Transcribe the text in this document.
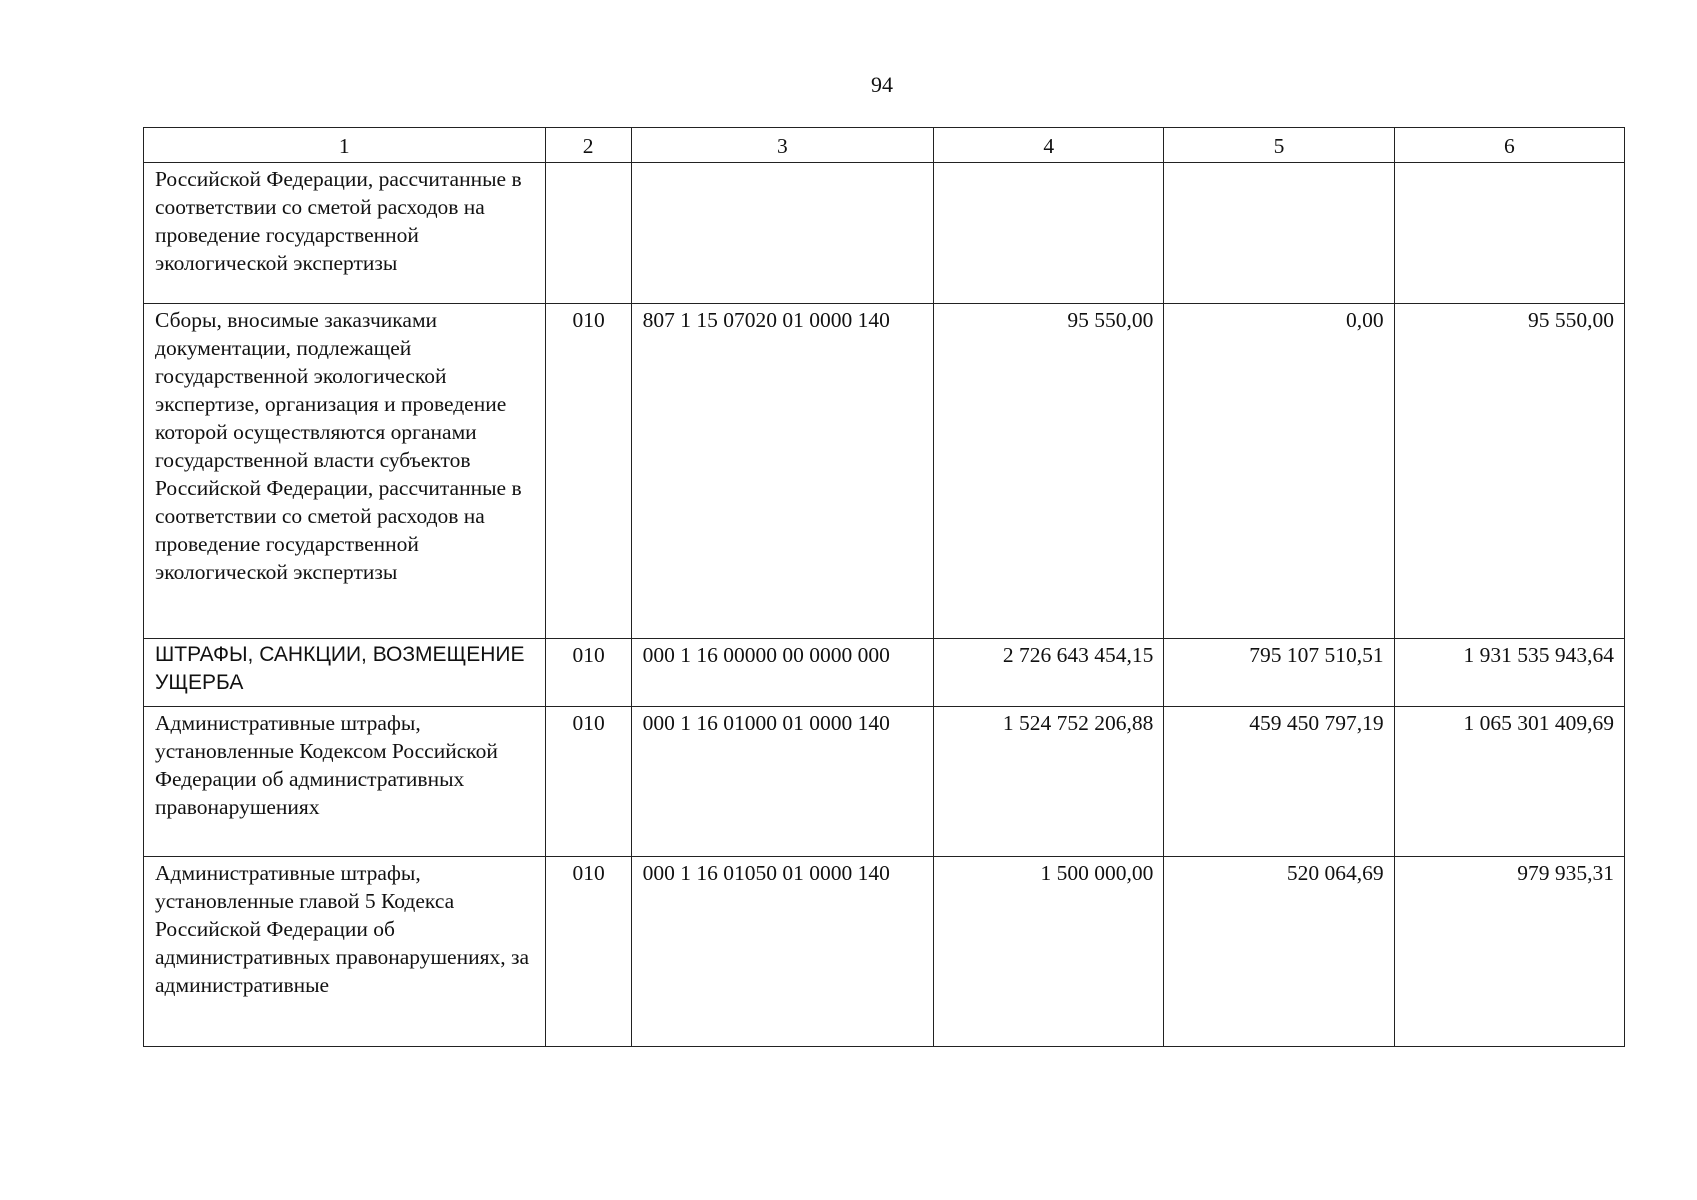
94
1	2	3	4	5	6
Российской Федерации, рассчитанные в соответствии со сметой расходов на проведение государственной экологической экспертизы					
Сборы, вносимые заказчиками документации, подлежащей государственной экологической экспертизе, организация и проведение которой осуществляются органами государственной власти субъектов Российской Федерации, рассчитанные в соответствии со сметой расходов на проведение государственной экологической экспертизы	010	807 1 15 07020 01 0000 140	95 550,00	0,00	95 550,00
ШТРАФЫ, САНКЦИИ, ВОЗМЕЩЕНИЕ УЩЕРБА	010	000 1 16 00000 00 0000 000	2 726 643 454,15	795 107 510,51	1 931 535 943,64
Административные штрафы, установленные Кодексом Российской Федерации об административных правонарушениях	010	000 1 16 01000 01 0000 140	1 524 752 206,88	459 450 797,19	1 065 301 409,69
Административные штрафы, установленные главой 5 Кодекса Российской Федерации об административных правонарушениях, за административные	010	000 1 16 01050 01 0000 140	1 500 000,00	520 064,69	979 935,31
